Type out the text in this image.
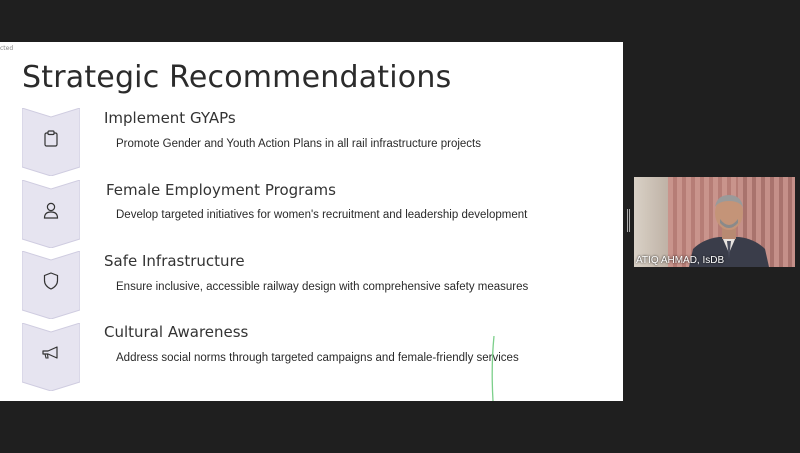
cted
Strategic Recommendations
Implement GYAPs
Promote Gender and Youth Action Plans in all rail infrastructure projects
Female Employment Programs
Develop targeted initiatives for women's recruitment and leadership development
Safe Infrastructure
Ensure inclusive, accessible railway design with comprehensive safety measures
Cultural Awareness
Address social norms through targeted campaigns and female-friendly services
ATIQ AHMAD, IsDB
